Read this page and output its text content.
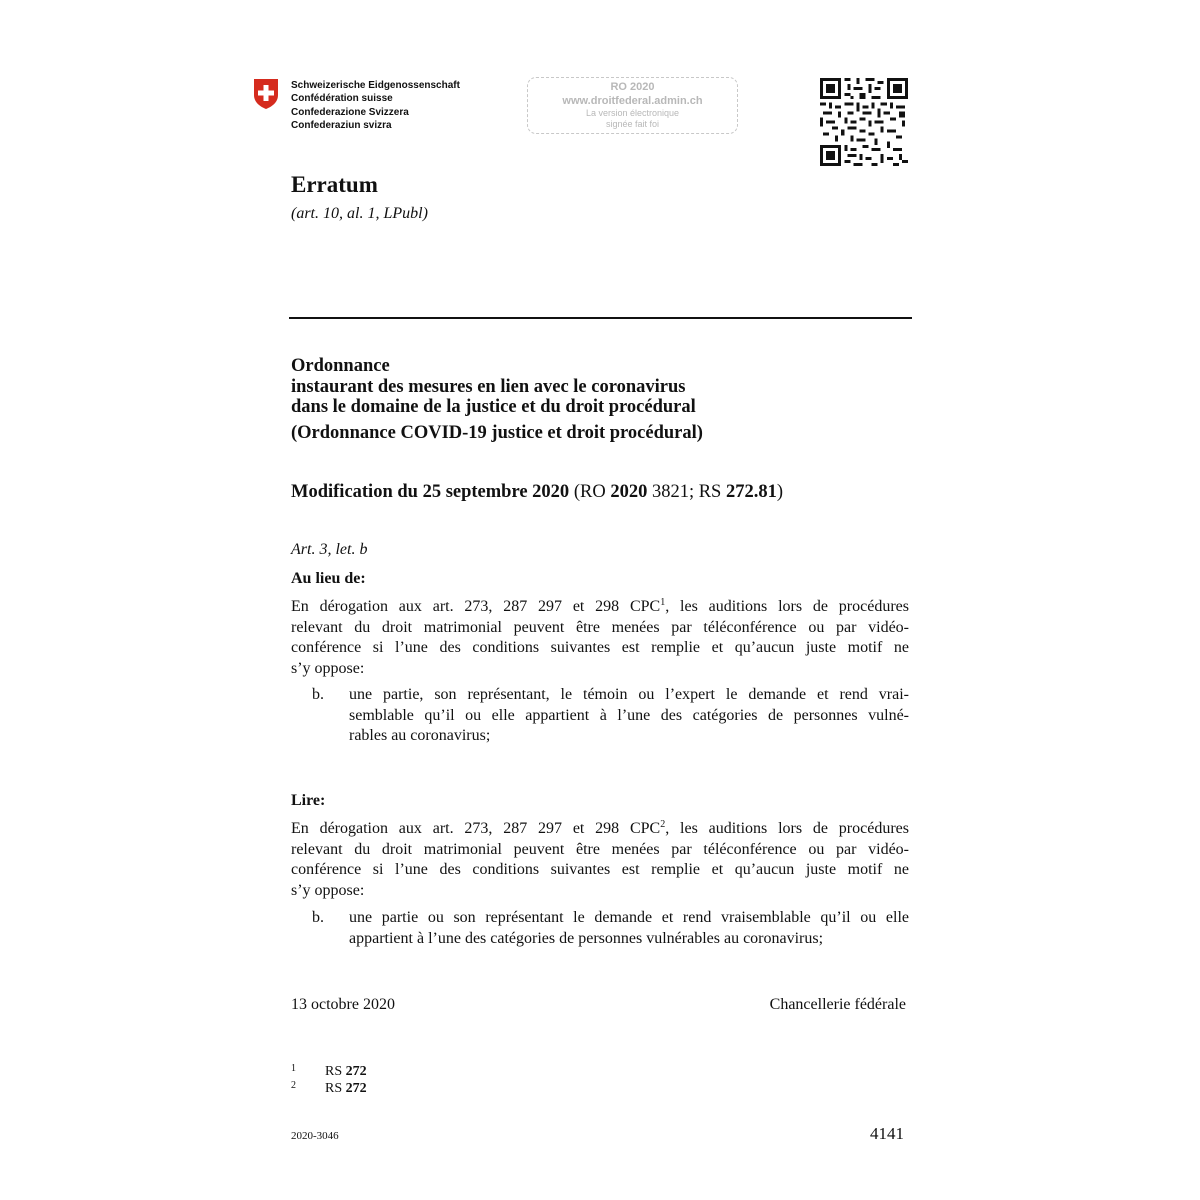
Schweizerische Eidgenossenschaft
Confédération suisse
Confederazione Svizzera
Confederaziun svizra
RO 2020
www.droitfederal.admin.ch
La version électronique
signée fait foi
Erratum
(art. 10, al. 1, LPubl)
Ordonnance
instaurant des mesures en lien avec le coronavirus
dans le domaine de la justice et du droit procédural
(Ordonnance COVID-19 justice et droit procédural)
Modification du 25 septembre 2020 (RO 2020 3821; RS 272.81)
Art. 3, let. b
Au lieu de:
En dérogation aux art. 273, 287 297 et 298 CPC$^1$, les auditions lors de procédures
relevant du droit matrimonial peuvent être menées par téléconférence ou par vidéo-
conférence si l’une des conditions suivantes est remplie et qu’aucun juste motif ne
s’y oppose:
b. une partie, son représentant, le témoin ou l’expert le demande et rend vrai-
semblable qu’il ou elle appartient à l’une des catégories de personnes vulné-
rables au coronavirus;
Lire:
En dérogation aux art. 273, 287 297 et 298 CPC$^2$, les auditions lors de procédures
relevant du droit matrimonial peuvent être menées par téléconférence ou par vidéo-
conférence si l’une des conditions suivantes est remplie et qu’aucun juste motif ne
s’y oppose:
b. une partie ou son représentant le demande et rend vraisemblable qu’il ou elle
appartient à l’une des catégories de personnes vulnérables au coronavirus;
13 octobre 2020	Chancellerie fédérale
1 RS 272
2 RS 272
2020-3046	4141
